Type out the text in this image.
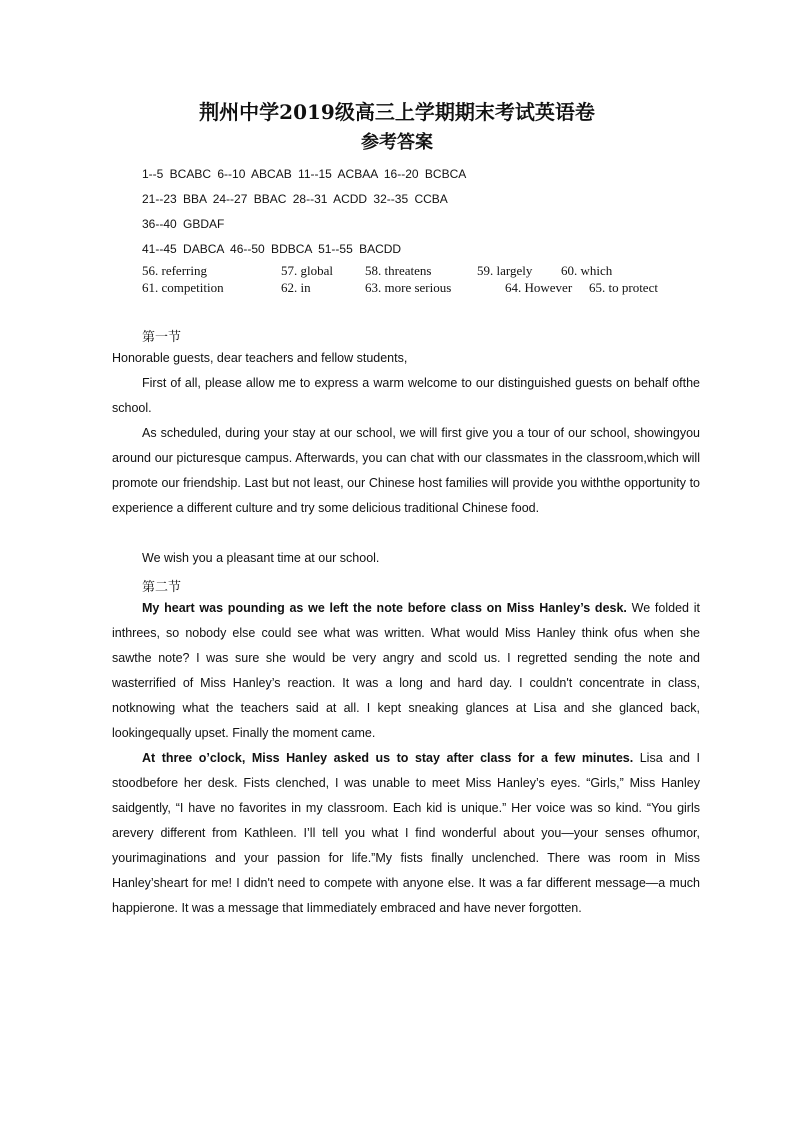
荆州中学2019级高三上学期期末考试英语卷
参考答案
1--5 BCABC 6--10 ABCAB 11--15 ACBAA 16--20 BCBCA
21--23 BBA 24--27 BBAC 28--31 ACDD 32--35 CCBA
36--40 GBDAF
41--45 DABCA 46--50 BDBCA 51--55 BACDD
56. referring	57. global 58. threatens	59. largely 60. which
61. competition	62. in	63. more serious	64. However 65. to protect
第一节

Honorable guests, dear teachers and fellow students,

First of all, please allow me to express a warm welcome to our distinguished guests on behalf ofthe school.

As scheduled, during your stay at our school, we will first give you a tour of our school, showingyou around our picturesque campus. Afterwards, you can chat with our classmates in the classroom,which will promote our friendship. Last but not least, our Chinese host families will provide you withthe opportunity to experience a different culture and try some delicious traditional Chinese food.

We wish you a pleasant time at our school.

第二节

My heart was pounding as we left the note before class on Miss Hanley’s desk. We folded it inthrees, so nobody else could see what was written. What would Miss Hanley think ofus when she sawthe note? I was sure she would be very angry and scold us. I regretted sending the note and wasterrified of Miss Hanley’s reaction. It was a long and hard day. I couldn't concentrate in class, notknowing what the teachers said at all. I kept sneaking glances at Lisa and she glanced back, lookingequally upset. Finally the moment came.

At three o’clock, Miss Hanley asked us to stay after class for a few minutes. Lisa and I stoodbefore her desk. Fists clenched, I was unable to meet Miss Hanley’s eyes. “Girls,” Miss Hanley saidgently, “I have no favorites in my classroom. Each kid is unique.” Her voice was so kind. “You girls arevery different from Kathleen. I’ll tell you what I find wonderful about you—your senses ofhumor, yourimaginations and your passion for life.”My fists finally unclenched. There was room in Miss Hanley’sheart for me! I didn't need to compete with anyone else. It was a far different message—a much happierone. It was a message that Iimmediately embraced and have never forgotten.
